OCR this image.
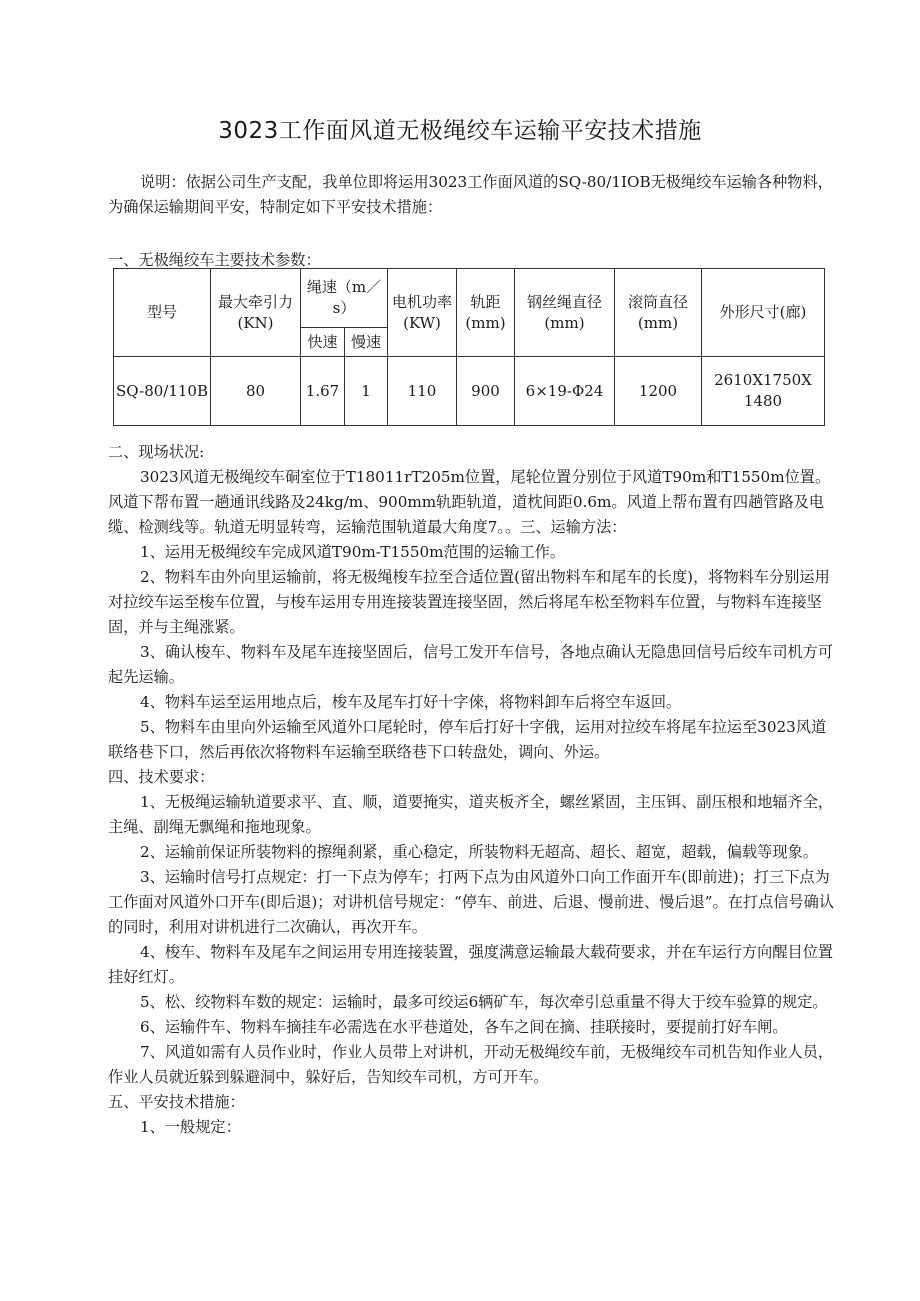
3023工作面风道无极绳绞车运输平安技术措施

说明：依据公司生产支配，我单位即将运用3023工作面风道的SQ-80/1IOB无极绳绞车运输各种物料，为确保运输期间平安，特制定如下平安技术措施：

一、无极绳绞车主要技术参数：

型号	最大牵引力(KN)	绳速（m／s）		电机功率(KW)	轨距(mm)	钢丝绳直径(mm)	滚筒直径(mm)	外形尺寸(廊)
		快速	慢速					
SQ-80/110B	80	1.67	1	110	900	6×19-Φ24	1200	2610X1750X 1480

二、现场状况:

3023风道无极绳绞车硐室位于T18011rT205m位置，尾轮位置分别位于风道T90m和T1550m位置。风道下帮布置一趟通讯线路及24kg/m、900mm轨距轨道，道枕间距0.6m。风道上帮布置有四趟管路及电缆、检测线等。轨道无明显转弯，运输范围轨道最大角度7。。三、运输方法：

1、运用无极绳绞车完成风道T90m-T1550m范围的运输工作。

2、物料车由外向里运输前，将无极绳梭车拉至合适位置(留出物料车和尾车的长度)，将物料车分别运用对拉绞车运至梭车位置，与梭车运用专用连接装置连接坚固，然后将尾车松至物料车位置，与物料车连接坚固，并与主绳涨紧。

3、确认梭车、物料车及尾车连接坚固后，信号工发开车信号，各地点确认无隐患回信号后绞车司机方可起先运输。

4、物料车运至运用地点后，梭车及尾车打好十字倈，将物料卸车后将空车返回。

5、物料车由里向外运输至风道外口尾轮时，停车后打好十字俄，运用对拉绞车将尾车拉运至3023风道联络巷下口，然后再依次将物料车运输至联络巷下口转盘处，调向、外运。

四、技术要求：

1、无极绳运输轨道要求平、直、顺，道要掩实，道夹板齐全，螺丝紧固，主压铒、副压根和地辐齐全，主绳、副绳无飘绳和拖地现象。

2、运输前保证所装物料的擦绳刹紧，重心稳定，所装物料无超高、超长、超宽，超载，偏载等现象。

3、运输时信号打点规定：打一下点为停车；打两下点为由风道外口向工作面开车(即前进)；打三下点为工作面对风道外口开车(即后退)；对讲机信号规定：“停车、前进、后退、慢前进、慢后退”。在打点信号确认的同时，利用对讲机进行二次确认，再次开车。

4、梭车、物料车及尾车之间运用专用连接装置，强度满意运输最大载荷要求，并在车运行方向醒目位置挂好红灯。

5、松、绞物料车数的规定：运输时，最多可绞运6辆矿车，每次牵引总重量不得大于绞车验算的规定。

6、运输件车、物料车摘挂车必需选在水平巷道处，各车之间在摘、挂联接时，要提前打好车闸。

7、风道如需有人员作业时，作业人员带上对讲机，开动无极绳绞车前，无极绳绞车司机告知作业人员，作业人员就近躲到躲避洞中，躲好后，告知绞车司机，方可开车。

五、平安技术措施：

1、一般规定：
